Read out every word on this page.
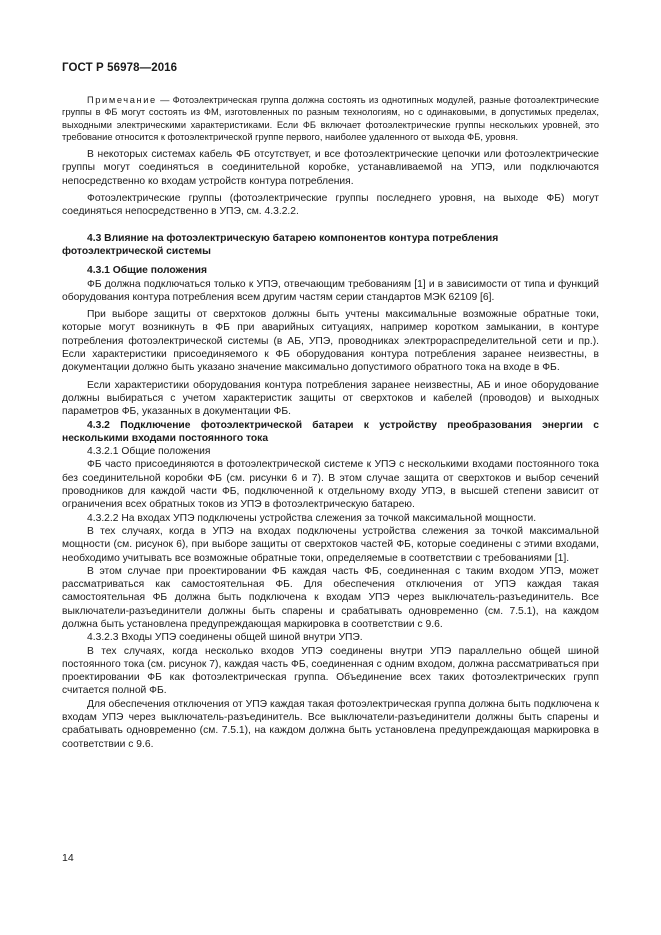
ГОСТ Р 56978—2016

Примечание — Фотоэлектрическая группа должна состоять из однотипных модулей, разные фотоэлектрические группы в ФБ могут состоять из ФМ, изготовленных по разным технологиям, но с одинаковыми, в допустимых пределах, выходными электрическими характеристиками. Если ФБ включает фотоэлектрические группы нескольких уровней, это требование относится к фотоэлектрической группе первого, наиболее удаленного от выхода ФБ, уровня.

В некоторых системах кабель ФБ отсутствует, и все фотоэлектрические цепочки или фотоэлектрические группы могут соединяться в соединительной коробке, устанавливаемой на УПЭ, или подключаются непосредственно ко входам устройств контура потребления.

Фотоэлектрические группы (фотоэлектрические группы последнего уровня, на выходе ФБ) могут соединяться непосредственно в УПЭ, см. 4.3.2.2.

4.3 Влияние на фотоэлектрическую батарею компонентов контура потребления фотоэлектрической системы

4.3.1 Общие положения

ФБ должна подключаться только к УПЭ, отвечающим требованиям [1] и в зависимости от типа и функций оборудования контура потребления всем другим частям серии стандартов МЭК 62109 [6].

При выборе защиты от сверхтоков должны быть учтены максимальные возможные обратные токи, которые могут возникнуть в ФБ при аварийных ситуациях, например коротком замыкании, в контуре потребления фотоэлектрической системы (в АБ, УПЭ, проводниках электрораспределительной сети и пр.). Если характеристики присоединяемого к ФБ оборудования контура потребления заранее неизвестны, в документации должно быть указано значение максимально допустимого обратного тока на входе в ФБ.

Если характеристики оборудования контура потребления заранее неизвестны, АБ и иное оборудование должны выбираться с учетом характеристик защиты от сверхтоков и кабелей (проводов) и выходных параметров ФБ, указанных в документации ФБ.

4.3.2 Подключение фотоэлектрической батареи к устройству преобразования энергии с несколькими входами постоянного тока

4.3.2.1 Общие положения

ФБ часто присоединяются в фотоэлектрической системе к УПЭ с несколькими входами постоянного тока без соединительной коробки ФБ (см. рисунки 6 и 7). В этом случае защита от сверхтоков и выбор сечений проводников для каждой части ФБ, подключенной к отдельному входу УПЭ, в высшей степени зависит от ограничения всех обратных токов из УПЭ в фотоэлектрическую батарею.

4.3.2.2 На входах УПЭ подключены устройства слежения за точкой максимальной мощности.

В тех случаях, когда в УПЭ на входах подключены устройства слежения за точкой максимальной мощности (см. рисунок 6), при выборе защиты от сверхтоков частей ФБ, которые соединены с этими входами, необходимо учитывать все возможные обратные токи, определяемые в соответствии с требованиями [1].

В этом случае при проектировании ФБ каждая часть ФБ, соединенная с таким входом УПЭ, может рассматриваться как самостоятельная ФБ. Для обеспечения отключения от УПЭ каждая такая самостоятельная ФБ должна быть подключена к входам УПЭ через выключатель-разъединитель. Все выключатели-разъединители должны быть спарены и срабатывать одновременно (см. 7.5.1), на каждом должна быть установлена предупреждающая маркировка в соответствии с 9.6.

4.3.2.3 Входы УПЭ соединены общей шиной внутри УПЭ.

В тех случаях, когда несколько входов УПЭ соединены внутри УПЭ параллельно общей шиной постоянного тока (см. рисунок 7), каждая часть ФБ, соединенная с одним входом, должна рассматриваться при проектировании ФБ как фотоэлектрическая группа. Объединение всех таких фотоэлектрических групп считается полной ФБ.

Для обеспечения отключения от УПЭ каждая такая фотоэлектрическая группа должна быть подключена к входам УПЭ через выключатель-разъединитель. Все выключатели-разъединители должны быть спарены и срабатывать одновременно (см. 7.5.1), на каждом должна быть установлена предупреждающая маркировка в соответствии с 9.6.

14
